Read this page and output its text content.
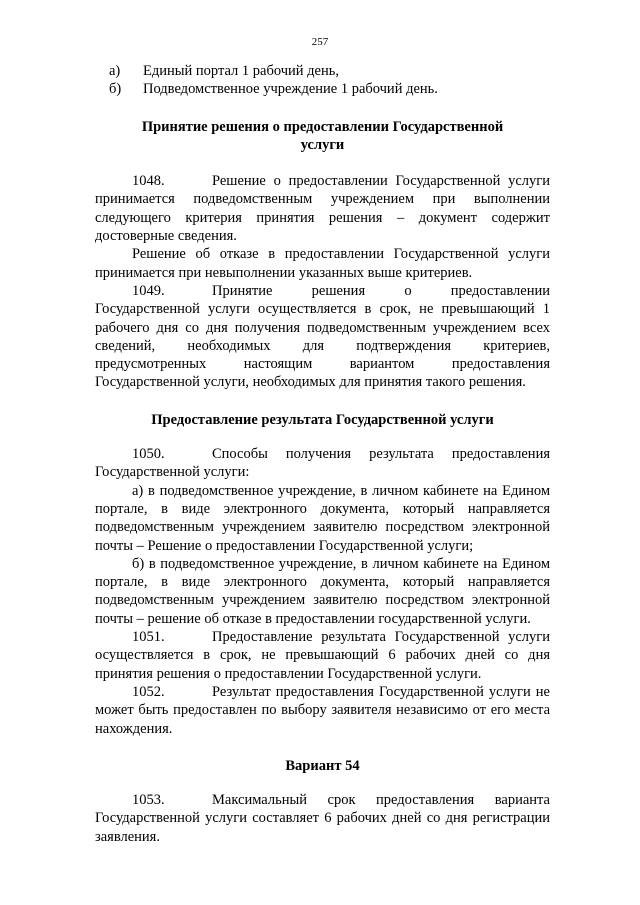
257
а)	Единый портал 1 рабочий день,
б)	Подведомственное учреждение 1 рабочий день.
Принятие решения о предоставлении Государственной услуги

1048.	Решение о предоставлении Государственной услуги принимается подведомственным учреждением при выполнении следующего критерия принятия решения – документ содержит достоверные сведения.

Решение об отказе в предоставлении Государственной услуги принимается при невыполнении указанных выше критериев.

1049.	Принятие решения о предоставлении Государственной услуги осуществляется в срок, не превышающий 1 рабочего дня со дня получения подведомственным учреждением всех сведений, необходимых для подтверждения критериев, предусмотренных настоящим вариантом предоставления Государственной услуги, необходимых для принятия такого решения.

Предоставление результата Государственной услуги

1050.	Способы получения результата предоставления Государственной услуги:

а) в подведомственное учреждение, в личном кабинете на Едином портале, в виде электронного документа, который направляется подведомственным учреждением заявителю посредством электронной почты – Решение о предоставлении Государственной услуги;

б) в подведомственное учреждение, в личном кабинете на Едином портале, в виде электронного документа, который направляется подведомственным учреждением заявителю посредством электронной почты – решение об отказе в предоставлении государственной услуги.

1051.	Предоставление результата Государственной услуги осуществляется в срок, не превышающий 6 рабочих дней со дня принятия решения о предоставлении Государственной услуги.

1052.	Результат предоставления Государственной услуги не может быть предоставлен по выбору заявителя независимо от его места нахождения.

Вариант 54

1053.	Максимальный срок предоставления варианта Государственной услуги составляет 6 рабочих дней со дня регистрации заявления.
